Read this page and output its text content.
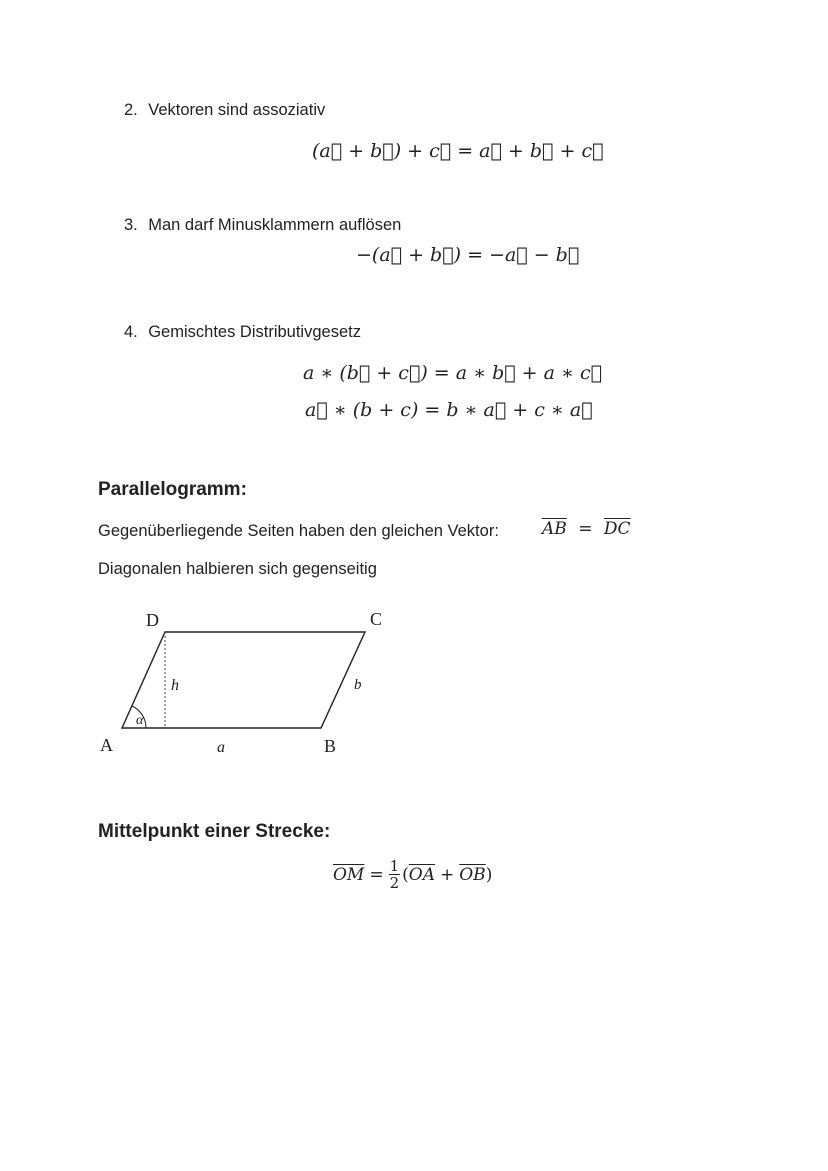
2. Vektoren sind assoziativ
(a⃗ + b⃗) + c⃗ = a⃗ + b⃗ + c⃗
3. Man darf Minusklammern auflösen
−(a⃗ + b⃗) = −a⃗ − b⃗
4. Gemischtes Distributivgesetz
a ∗ (b⃗ + c⃗) = a ∗ b⃗ + a ∗ c⃗
a⃗ ∗ (b + c) = b ∗ a⃗ + c ∗ a⃗
Parallelogramm:
Gegenüberliegende Seiten haben den gleichen Vektor:	$\overline{AB} = \overline{DC}$
Diagonalen halbieren sich gegenseitig
α
h	b
a
A	B
C
D
Mittelpunkt einer Strecke:
$\overline{OM} = \frac{1}{2}$ ( $\overline{OA} + \overline{OB}$ )
